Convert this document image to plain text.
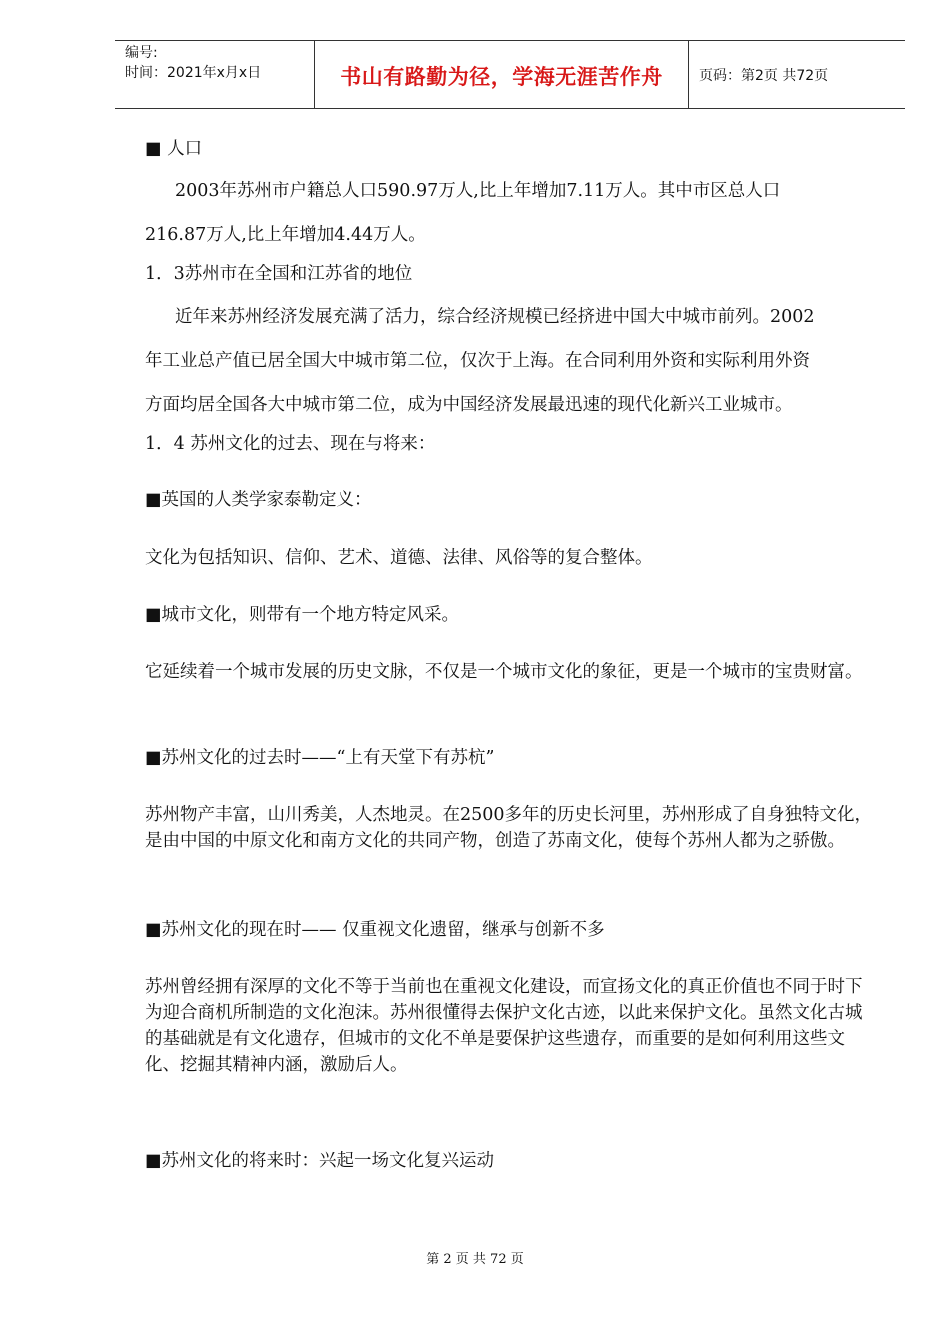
编号:
时间：2021年x月x日	书山有路勤为径，学海无涯苦作舟	页码：第2页 共72页
■ 人口
2003年苏州市户籍总人口590.97万人,比上年增加7.11万人。其中市区总人口
216.87万人,比上年增加4.44万人。
1．3苏州市在全国和江苏省的地位
近年来苏州经济发展充满了活力，综合经济规模已经挤进中国大中城市前列。2002
年工业总产值已居全国大中城市第二位，仅次于上海。在合同利用外资和实际利用外资
方面均居全国各大中城市第二位，成为中国经济发展最迅速的现代化新兴工业城市。
1．4 苏州文化的过去、现在与将来：
■英国的人类学家泰勒定义：
文化为包括知识、信仰、艺术、道德、法律、风俗等的复合整体。
■城市文化，则带有一个地方特定风采。
它延续着一个城市发展的历史文脉，不仅是一个城市文化的象征，更是一个城市的宝贵财富。
■苏州文化的过去时——“上有天堂下有苏杭”
苏州物产丰富，山川秀美，人杰地灵。在2500多年的历史长河里，苏州形成了自身独特文化，是由中国的中原文化和南方文化的共同产物，创造了苏南文化，使每个苏州人都为之骄傲。
■苏州文化的现在时—— 仅重视文化遗留，继承与创新不多
苏州曾经拥有深厚的文化不等于当前也在重视文化建设，而宣扬文化的真正价值也不同于时下为迎合商机所制造的文化泡沫。苏州很懂得去保护文化古迹，以此来保护文化。虽然文化古城的基础就是有文化遗存，但城市的文化不单是要保护这些遗存，而重要的是如何利用这些文化、挖掘其精神内涵，激励后人。
■苏州文化的将来时：兴起一场文化复兴运动
第 2 页 共 72 页
